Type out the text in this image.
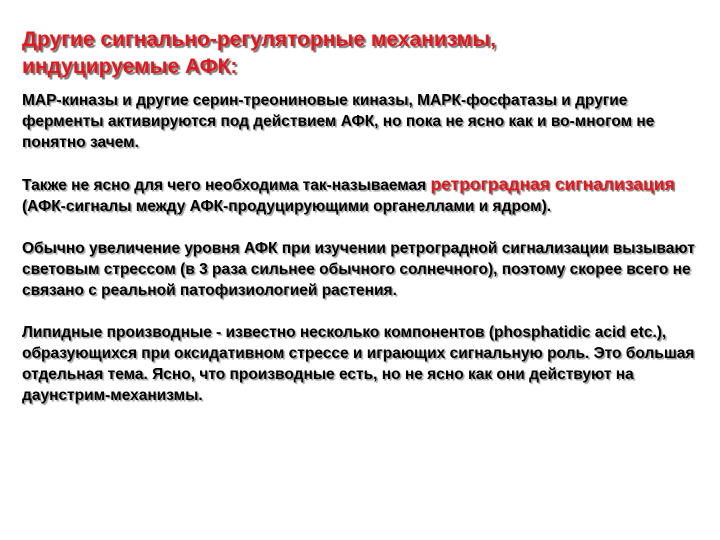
Другие сигнально-регуляторные механизмы,
индуцируемые АФК:

МАР-киназы и другие серин-треониновые киназы, МАРК-фосфатазы и другие ферменты активируются под действием АФК, но пока не ясно как и во-многом не понятно зачем.

Также не ясно для чего необходима так-называемая ретроградная сигнализация (АФК-сигналы между АФК-продуцирующими органеллами и ядром).

Обычно увеличение уровня АФК при изучении ретроградной сигнализации вызывают световым стрессом (в 3 раза сильнее обычного солнечного), поэтому скорее всего не связано с реальной патофизиологией растения.

Липидные производные - известно несколько компонентов (phosphatidic acid etc.), образующихся при оксидативном стрессе и играющих сигнальную роль. Это большая отдельная тема. Ясно, что производные есть, но не ясно как они действуют на даунстрим-механизмы.
